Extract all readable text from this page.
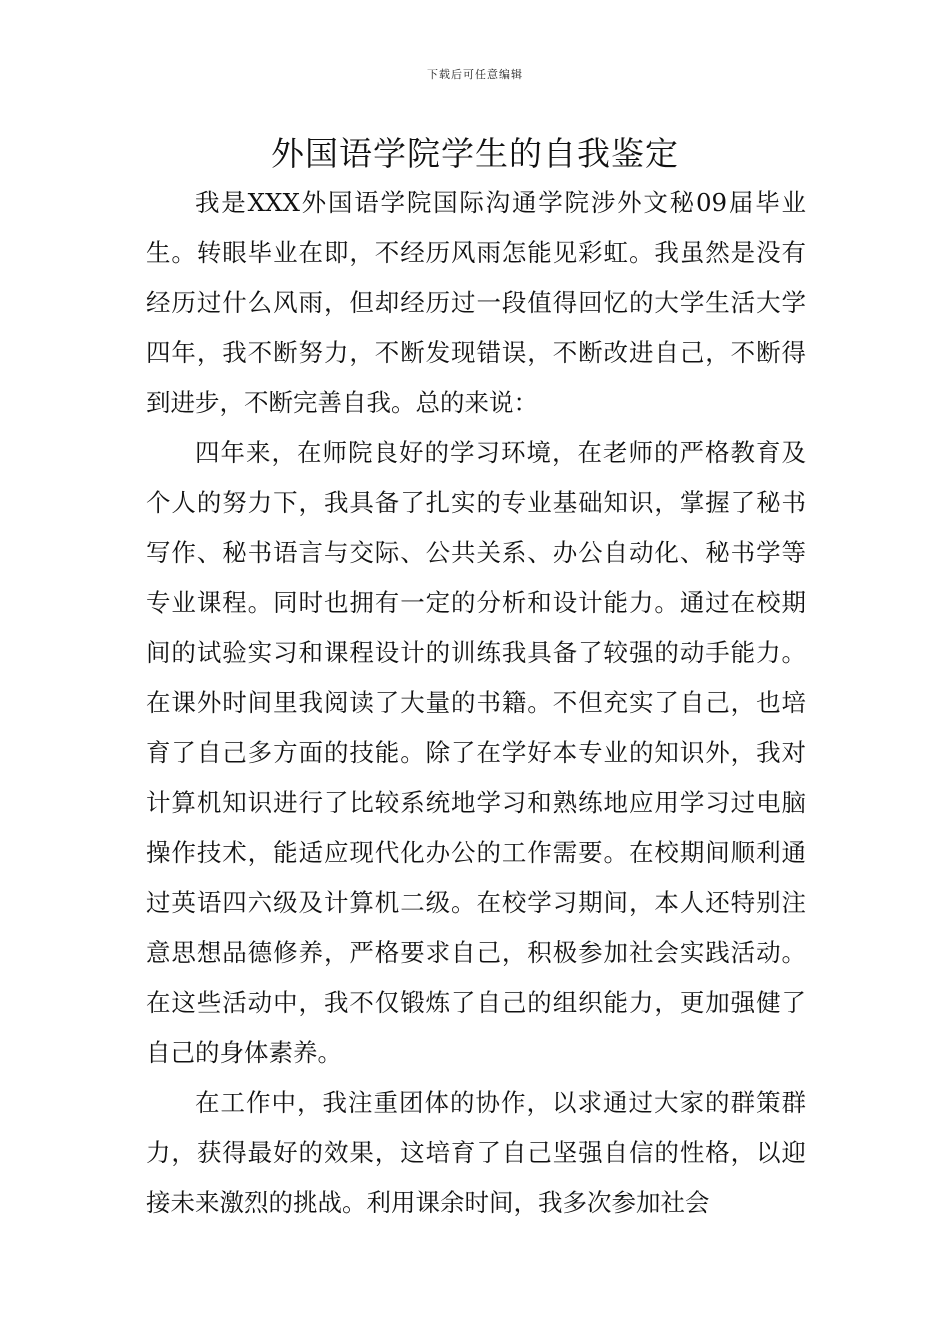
下载后可任意编辑
外国语学院学生的自我鉴定

我是XXX外国语学院国际沟通学院涉外文秘09届毕业生。转眼毕业在即，不经历风雨怎能见彩虹。我虽然是没有经历过什么风雨，但却经历过一段值得回忆的大学生活大学四年，我不断努力，不断发现错误，不断改进自己，不断得到进步，不断完善自我。总的来说：

四年来，在师院良好的学习环境，在老师的严格教育及个人的努力下，我具备了扎实的专业基础知识，掌握了秘书写作、秘书语言与交际、公共关系、办公自动化、秘书学等专业课程。同时也拥有一定的分析和设计能力。通过在校期间的试验实习和课程设计的训练我具备了较强的动手能力。在课外时间里我阅读了大量的书籍。不但充实了自己，也培育了自己多方面的技能。除了在学好本专业的知识外，我对计算机知识进行了比较系统地学习和熟练地应用学习过电脑操作技术，能适应现代化办公的工作需要。在校期间顺利通过英语四六级及计算机二级。在校学习期间，本人还特别注意思想品德修养，严格要求自己，积极参加社会实践活动。在这些活动中，我不仅锻炼了自己的组织能力，更加强健了自己的身体素养。

在工作中，我注重团体的协作，以求通过大家的群策群力，获得最好的效果，这培育了自己坚强自信的性格，以迎接未来激烈的挑战。利用课余时间，我多次参加社会
